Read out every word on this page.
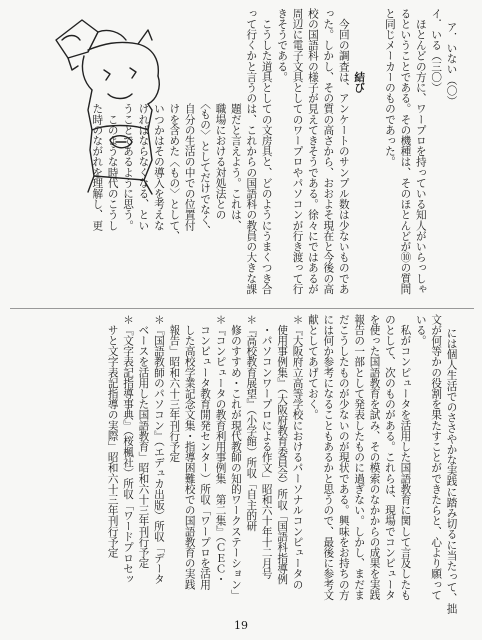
ア．いない（〇）
イ．いる（三〇）
　ほとんどの方に、ワープロを持っている知人がいらっしゃ
るということである。その機種は、そのほとんどが⑩の質問
と同じメーカーのものであった。

　　　　　　結び
　今回の調査は、アンケートのサンプル数は少ないものであ
った。しかし、その質の高さから、おおよそ現在と今後の高
校の国語科の様子が見えてきそうである。徐々にではあるが
周辺に電子文具としてのワープロやパソコンが行き渡って行
きそうである。
　こうした道具としての文房具と、どのようにうまくつき合
って行くかと言うのは、これからの国語科の教員の大きな課
　　　　　　　　　題だと言えよう。これは、
　　　　　　　　　職場における対処法との
　　　　　　　　　〈もの〉としてだけでなく、
　　　　　　　　　自分の生活の中での位置付
　　　　　　　　　けを含めた〈もの〉として、
　　　　　　　　　いつかはその導入を考えな
　　　　　　　　　ければならなくなる、とい
　　　　　　　　　うことであるように思う。
　　　　　　　　　　このような時代のこうし
　　　　　　　　　た時のながれを理解し、更

には個人生活でのささやかな実践に踏み切るに当たって、拙
文が何等かの役割を果たすことができたらと、心より願って
いる。
　私がコンピュータを活用した国語教育に関して言及したも
のとして、次のものがある。これらは、現場でコンピュータ
を使った国語教育を試み、その模索のなかからの成果を実践
報告の一部として発表したものに過ぎない。しかし、まだま
だこうしたものが少ないのが現状である。興味をお持ちの方
には何か参考になることもあるかと思うので、最後に参考文
献としてあげておく。
＊『大阪府立高等学校におけるパーソナルコンピュータの
　使用事例集』（大阪府教育委員会）所収「国語科指導例
　・パソコンワープロによる作文」昭和六十年十二月号
＊『高校教育展望』（小学館）所収「自主的研
　修のすすめ・これが現代教師の知的ワークステーション」
＊『コンピュータの教育利用事例集　第二集』（ＣＥＣ・
　コンピュータ教育開発センター）所収「ワープロを活用
　した高校学業記念文集・指導困難校での国語教育の実践
　報告」昭和六十三年刊行予定
＊『国語教師のパソコン』（エデュカ出版）所収「データ
　ベースを活用した国語教育」昭和六十三年刊行予定
＊『文字表記指導事典』（桜楓社）所収「ワードプロセッ
　サと文字表記指導の実際」昭和六十三年刊行予定

19
